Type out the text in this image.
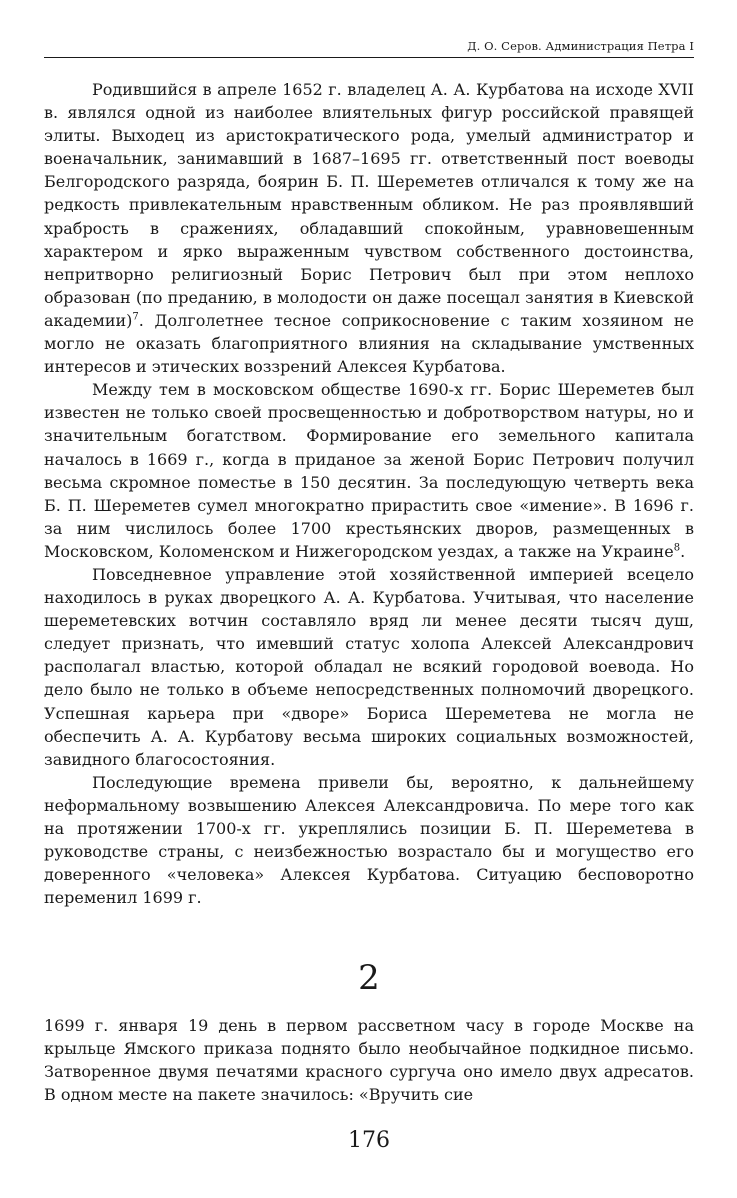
Д. О. Серов. Администрация Петра I

Родившийся в апреле 1652 г. владелец А. А. Курбатова на исходе XVII в. являлся одной из наиболее влиятельных фигур российской правящей элиты. Выходец из аристократического рода, умелый администратор и военачальник, занимавший в 1687–1695 гг. ответственный пост воеводы Белгородского разряда, боярин Б. П. Шереметев отличался к тому же на редкость привлекательным нравственным обликом. Не раз проявлявший храбрость в сражениях, обладавший спокойным, уравновешенным характером и ярко выраженным чувством собственного достоинства, непритворно религиозный Борис Петрович был при этом неплохо образован (по преданию, в молодости он даже посещал занятия в Киевской академии)$^7$. Долголетнее тесное соприкосновение с таким хозяином не могло не оказать благоприятного влияния на складывание умственных интересов и этических воззрений Алексея Курбатова.

Между тем в московском обществе 1690-х гг. Борис Шереметев был известен не только своей просвещенностью и добротворством натуры, но и значительным богатством. Формирование его земельного капитала началось в 1669 г., когда в приданое за женой Борис Петрович получил весьма скромное поместье в 150 десятин. За последующую четверть века Б. П. Шереметев сумел многократно прирастить свое «имение». В 1696 г. за ним числилось более 1700 крестьянских дворов, размещенных в Московском, Коломенском и Нижегородском уездах, а также на Украине$^8$.

Повседневное управление этой хозяйственной империей всецело находилось в руках дворецкого А. А. Курбатова. Учитывая, что население шереметевских вотчин составляло вряд ли менее десяти тысяч душ, следует признать, что имевший статус холопа Алексей Александрович располагал властью, которой обладал не всякий городовой воевода. Но дело было не только в объеме непосредственных полномочий дворецкого. Успешная карьера при «дворе» Бориса Шереметева не могла не обеспечить А. А. Курбатову весьма широких социальных возможностей, завидного благосостояния.

Последующие времена привели бы, вероятно, к дальнейшему неформальному возвышению Алексея Александровича. По мере того как на протяжении 1700-х гг. укреплялись позиции Б. П. Шереметева в руководстве страны, с неизбежностью возрастало бы и могущество его доверенного «человека» Алексея Курбатова. Ситуацию бесповоротно переменил 1699 г.

2

1699 г. января 19 день в первом рассветном часу в городе Москве на крыльце Ямского приказа поднято было необычайное подкидное письмо. Затворенное двумя печатями красного сургуча оно имело двух адресатов. В одном месте на пакете значилось: «Вручить сие

176
